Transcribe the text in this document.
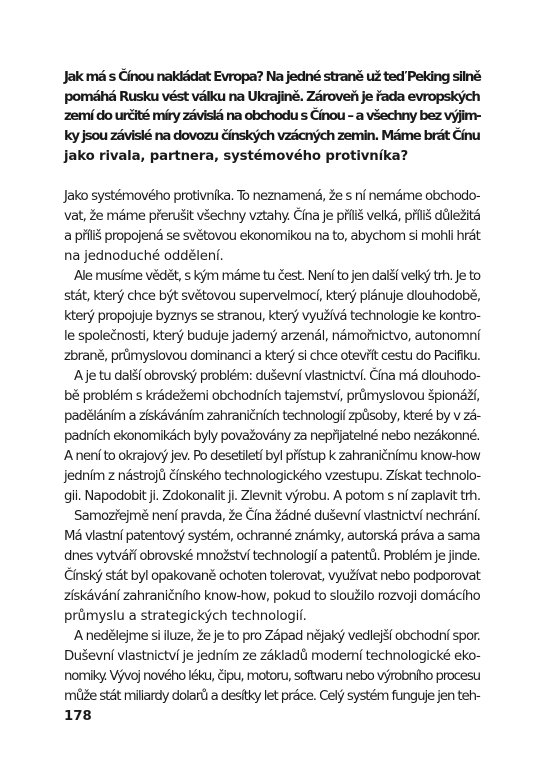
Jak má s Čínou nakládat Evropa? Na jedné straně už teď Peking silně
pomáhá Rusku vést válku na Ukrajině. Zároveň je řada evropských
zemí do určité míry závislá na obchodu s Čínou – a všechny bez výjim-
ky jsou závislé na dovozu čínských vzácných zemin. Máme brát Čínu
jako rivala, partnera, systémového protivníka?

Jako systémového protivníka. To neznamená, že s ní nemáme obchodo-
vat, že máme přerušit všechny vztahy. Čína je příliš velká, příliš důležitá
a příliš propojená se světovou ekonomikou na to, abychom si mohli hrát
na jednoduché oddělení.
Ale musíme vědět, s kým máme tu čest. Není to jen další velký trh. Je to
stát, který chce být světovou supervelmocí, který plánuje dlouhodobě,
který propojuje byznys se stranou, který využívá technologie ke kontro-
le společnosti, který buduje jaderný arzenál, námořnictvo, autonomní
zbraně, průmyslovou dominanci a který si chce otevřít cestu do Pacifiku.
A je tu další obrovský problém: duševní vlastnictví. Čína má dlouhodo-
bě problém s krádežemi obchodních tajemství, průmyslovou špionáží,
paděláním a získáváním zahraničních technologií způsoby, které by v zá-
padních ekonomikách byly považovány za nepřijatelné nebo nezákonné.
A není to okrajový jev. Po desetiletí byl přístup k zahraničnímu know-how
jedním z nástrojů čínského technologického vzestupu. Získat technolo-
gii. Napodobit ji. Zdokonalit ji. Zlevnit výrobu. A potom s ní zaplavit trh.
Samozřejmě není pravda, že Čína žádné duševní vlastnictví nechrání.
Má vlastní patentový systém, ochranné známky, autorská práva a sama
dnes vytváří obrovské množství technologií a patentů. Problém je jinde.
Čínský stát byl opakovaně ochoten tolerovat, využívat nebo podporovat
získávání zahraničního know-how, pokud to sloužilo rozvoji domácího
průmyslu a strategických technologií.
A nedělejme si iluze, že je to pro Západ nějaký vedlejší obchodní spor.
Duševní vlastnictví je jedním ze základů moderní technologické eko-
nomiky. Vývoj nového léku, čipu, motoru, softwaru nebo výrobního procesu
může stát miliardy dolarů a desítky let práce. Celý systém funguje jen teh-
178
